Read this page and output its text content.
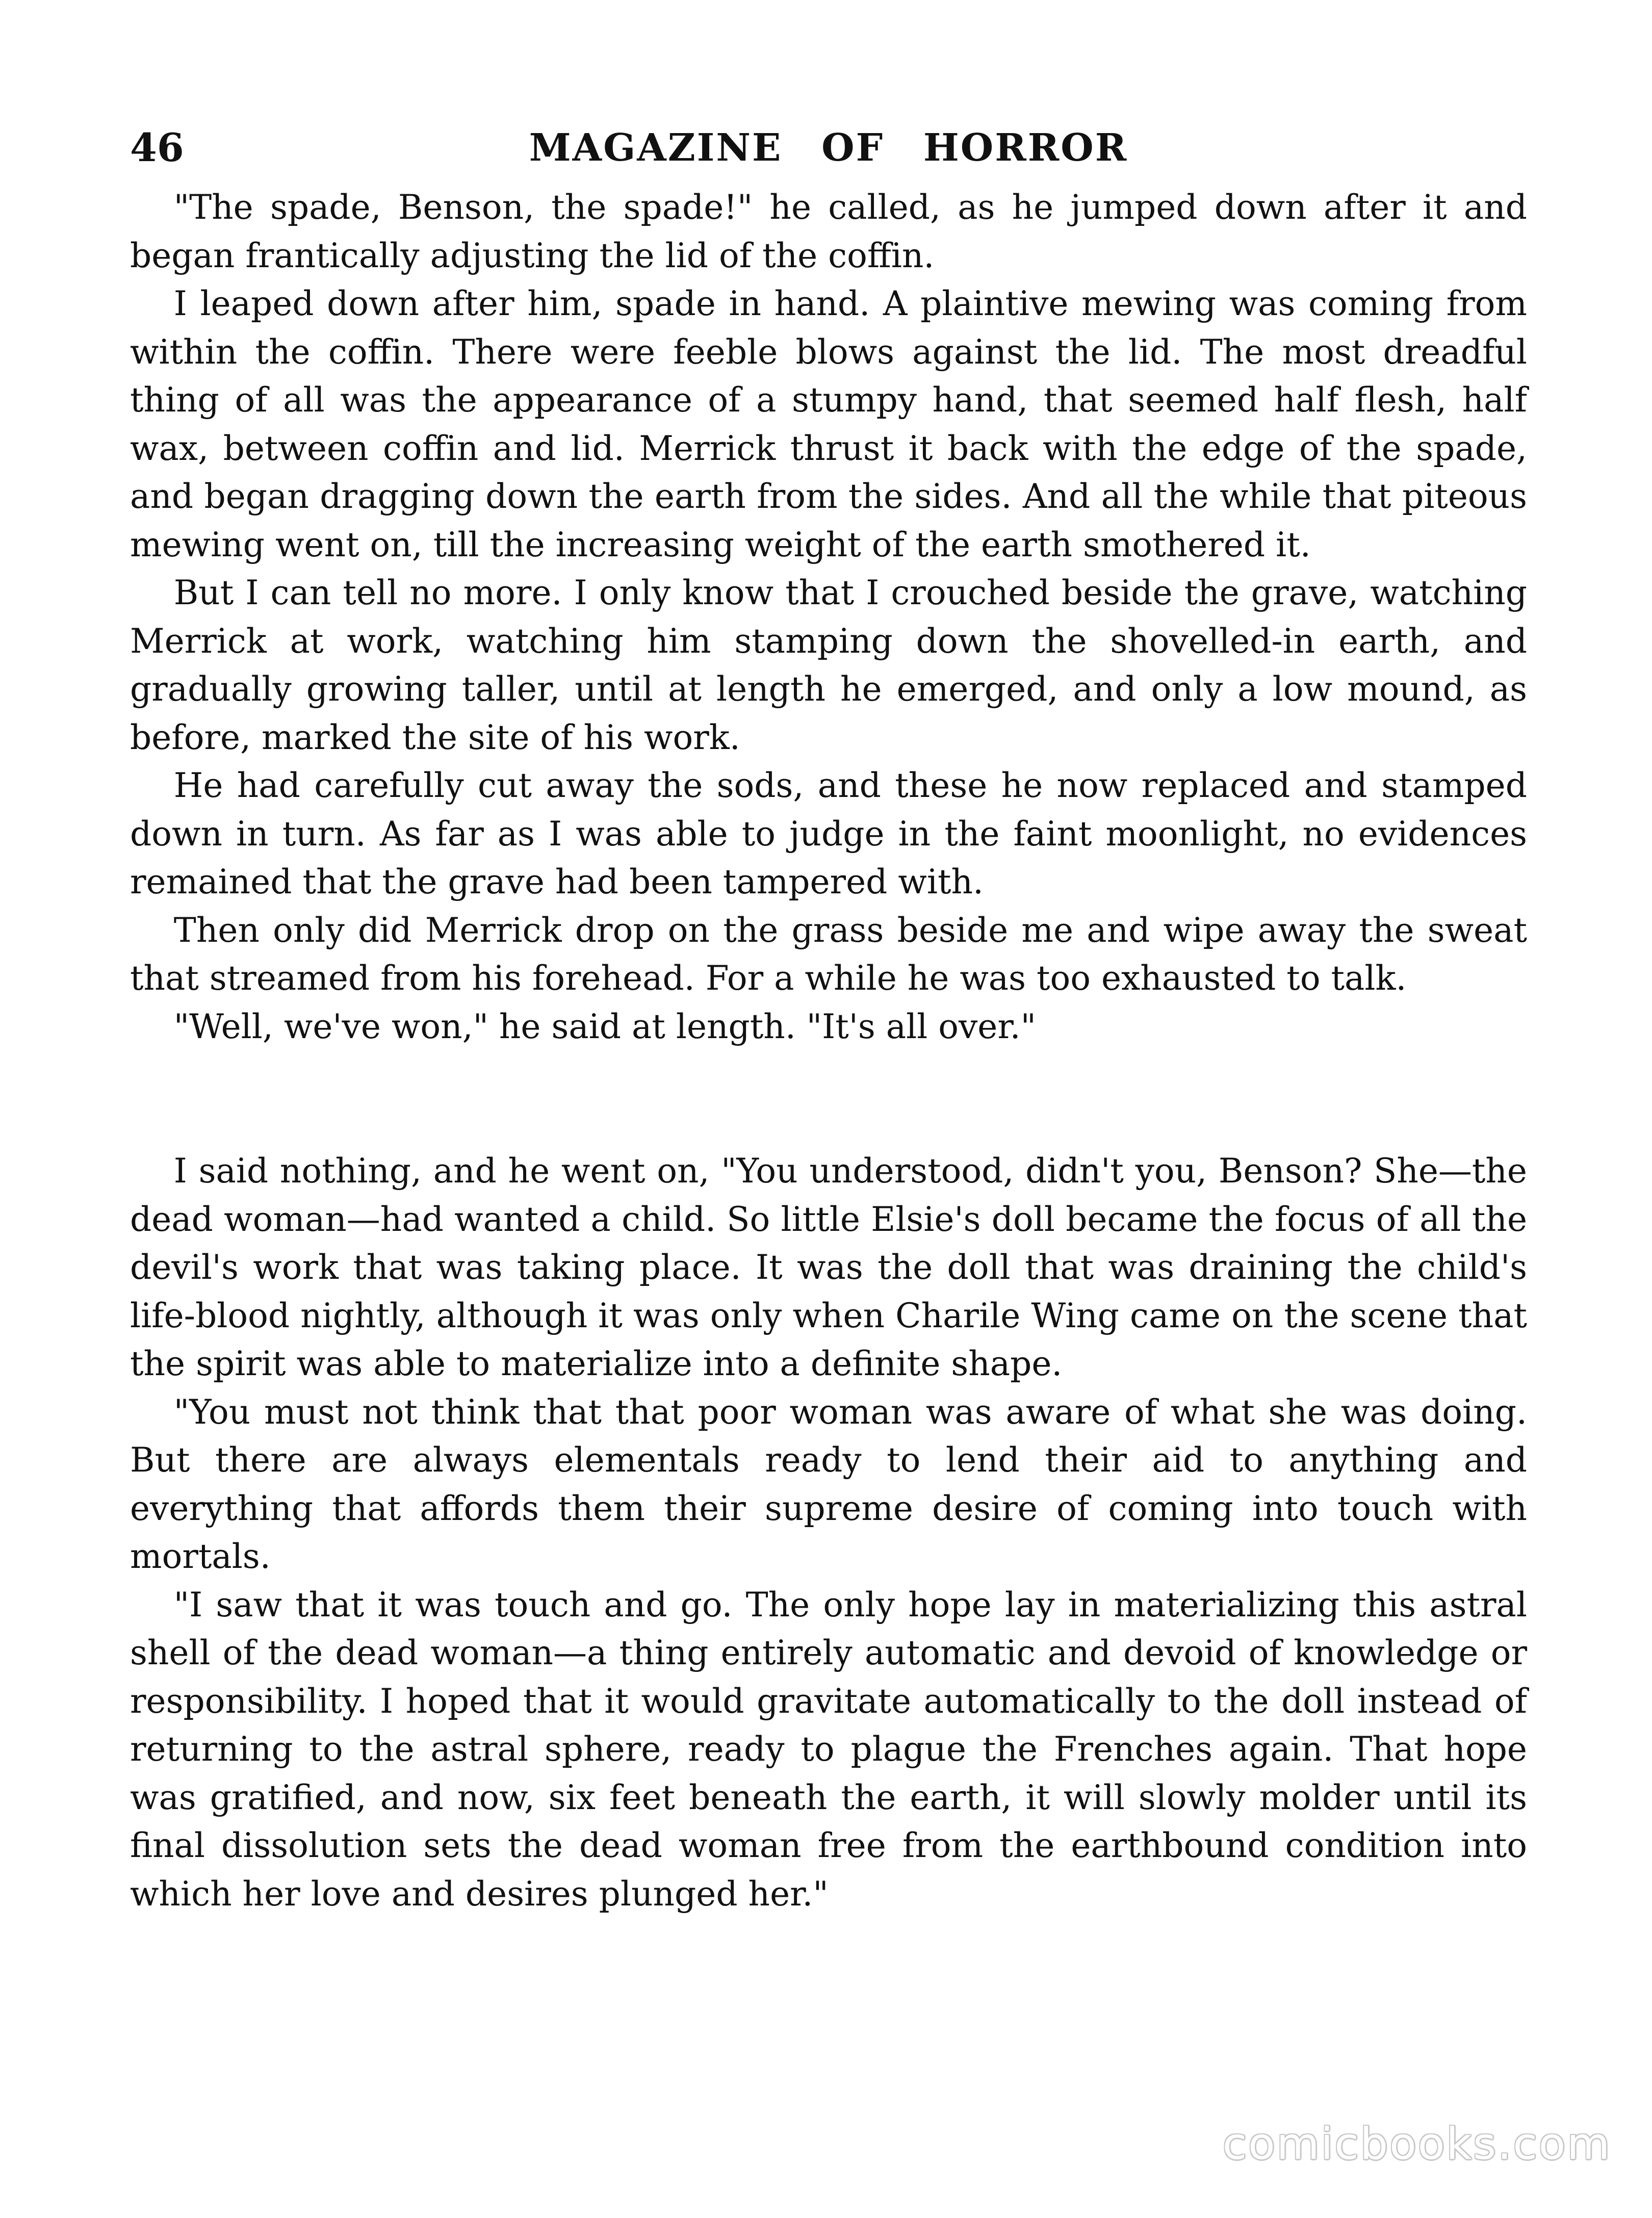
46	MAGAZINE OF HORROR

"The spade, Benson, the spade!" he called, as he jumped down after it and began frantically adjusting the lid of the coffin.

I leaped down after him, spade in hand. A plaintive mewing was coming from within the coffin. There were feeble blows against the lid. The most dreadful thing of all was the appearance of a stumpy hand, that seemed half flesh, half wax, between coffin and lid. Merrick thrust it back with the edge of the spade, and began dragging down the earth from the sides. And all the while that piteous mewing went on, till the increasing weight of the earth smothered it.

But I can tell no more. I only know that I crouched beside the grave, watching Merrick at work, watching him stamping down the shovelled-in earth, and gradually growing taller, until at length he emerged, and only a low mound, as before, marked the site of his work.

He had carefully cut away the sods, and these he now replaced and stamped down in turn. As far as I was able to judge in the faint moonlight, no evidences remained that the grave had been tampered with.

Then only did Merrick drop on the grass beside me and wipe away the sweat that streamed from his forehead. For a while he was too exhausted to talk.

"Well, we've won," he said at length. "It's all over."

I said nothing, and he went on, "You understood, didn't you, Benson? She—the dead woman—had wanted a child. So little Elsie's doll became the focus of all the devil's work that was taking place. It was the doll that was draining the child's life-blood nightly, although it was only when Charile Wing came on the scene that the spirit was able to materialize into a definite shape.

"You must not think that that poor woman was aware of what she was doing. But there are always elementals ready to lend their aid to anything and everything that affords them their supreme desire of coming into touch with mortals.

"I saw that it was touch and go. The only hope lay in materializing this astral shell of the dead woman—a thing entirely automatic and devoid of knowledge or responsibility. I hoped that it would gravitate automatically to the doll instead of returning to the astral sphere, ready to plague the Frenches again. That hope was gratified, and now, six feet beneath the earth, it will slowly molder until its final dissolution sets the dead woman free from the earthbound condition into which her love and desires plunged her."

comicbooks.com
